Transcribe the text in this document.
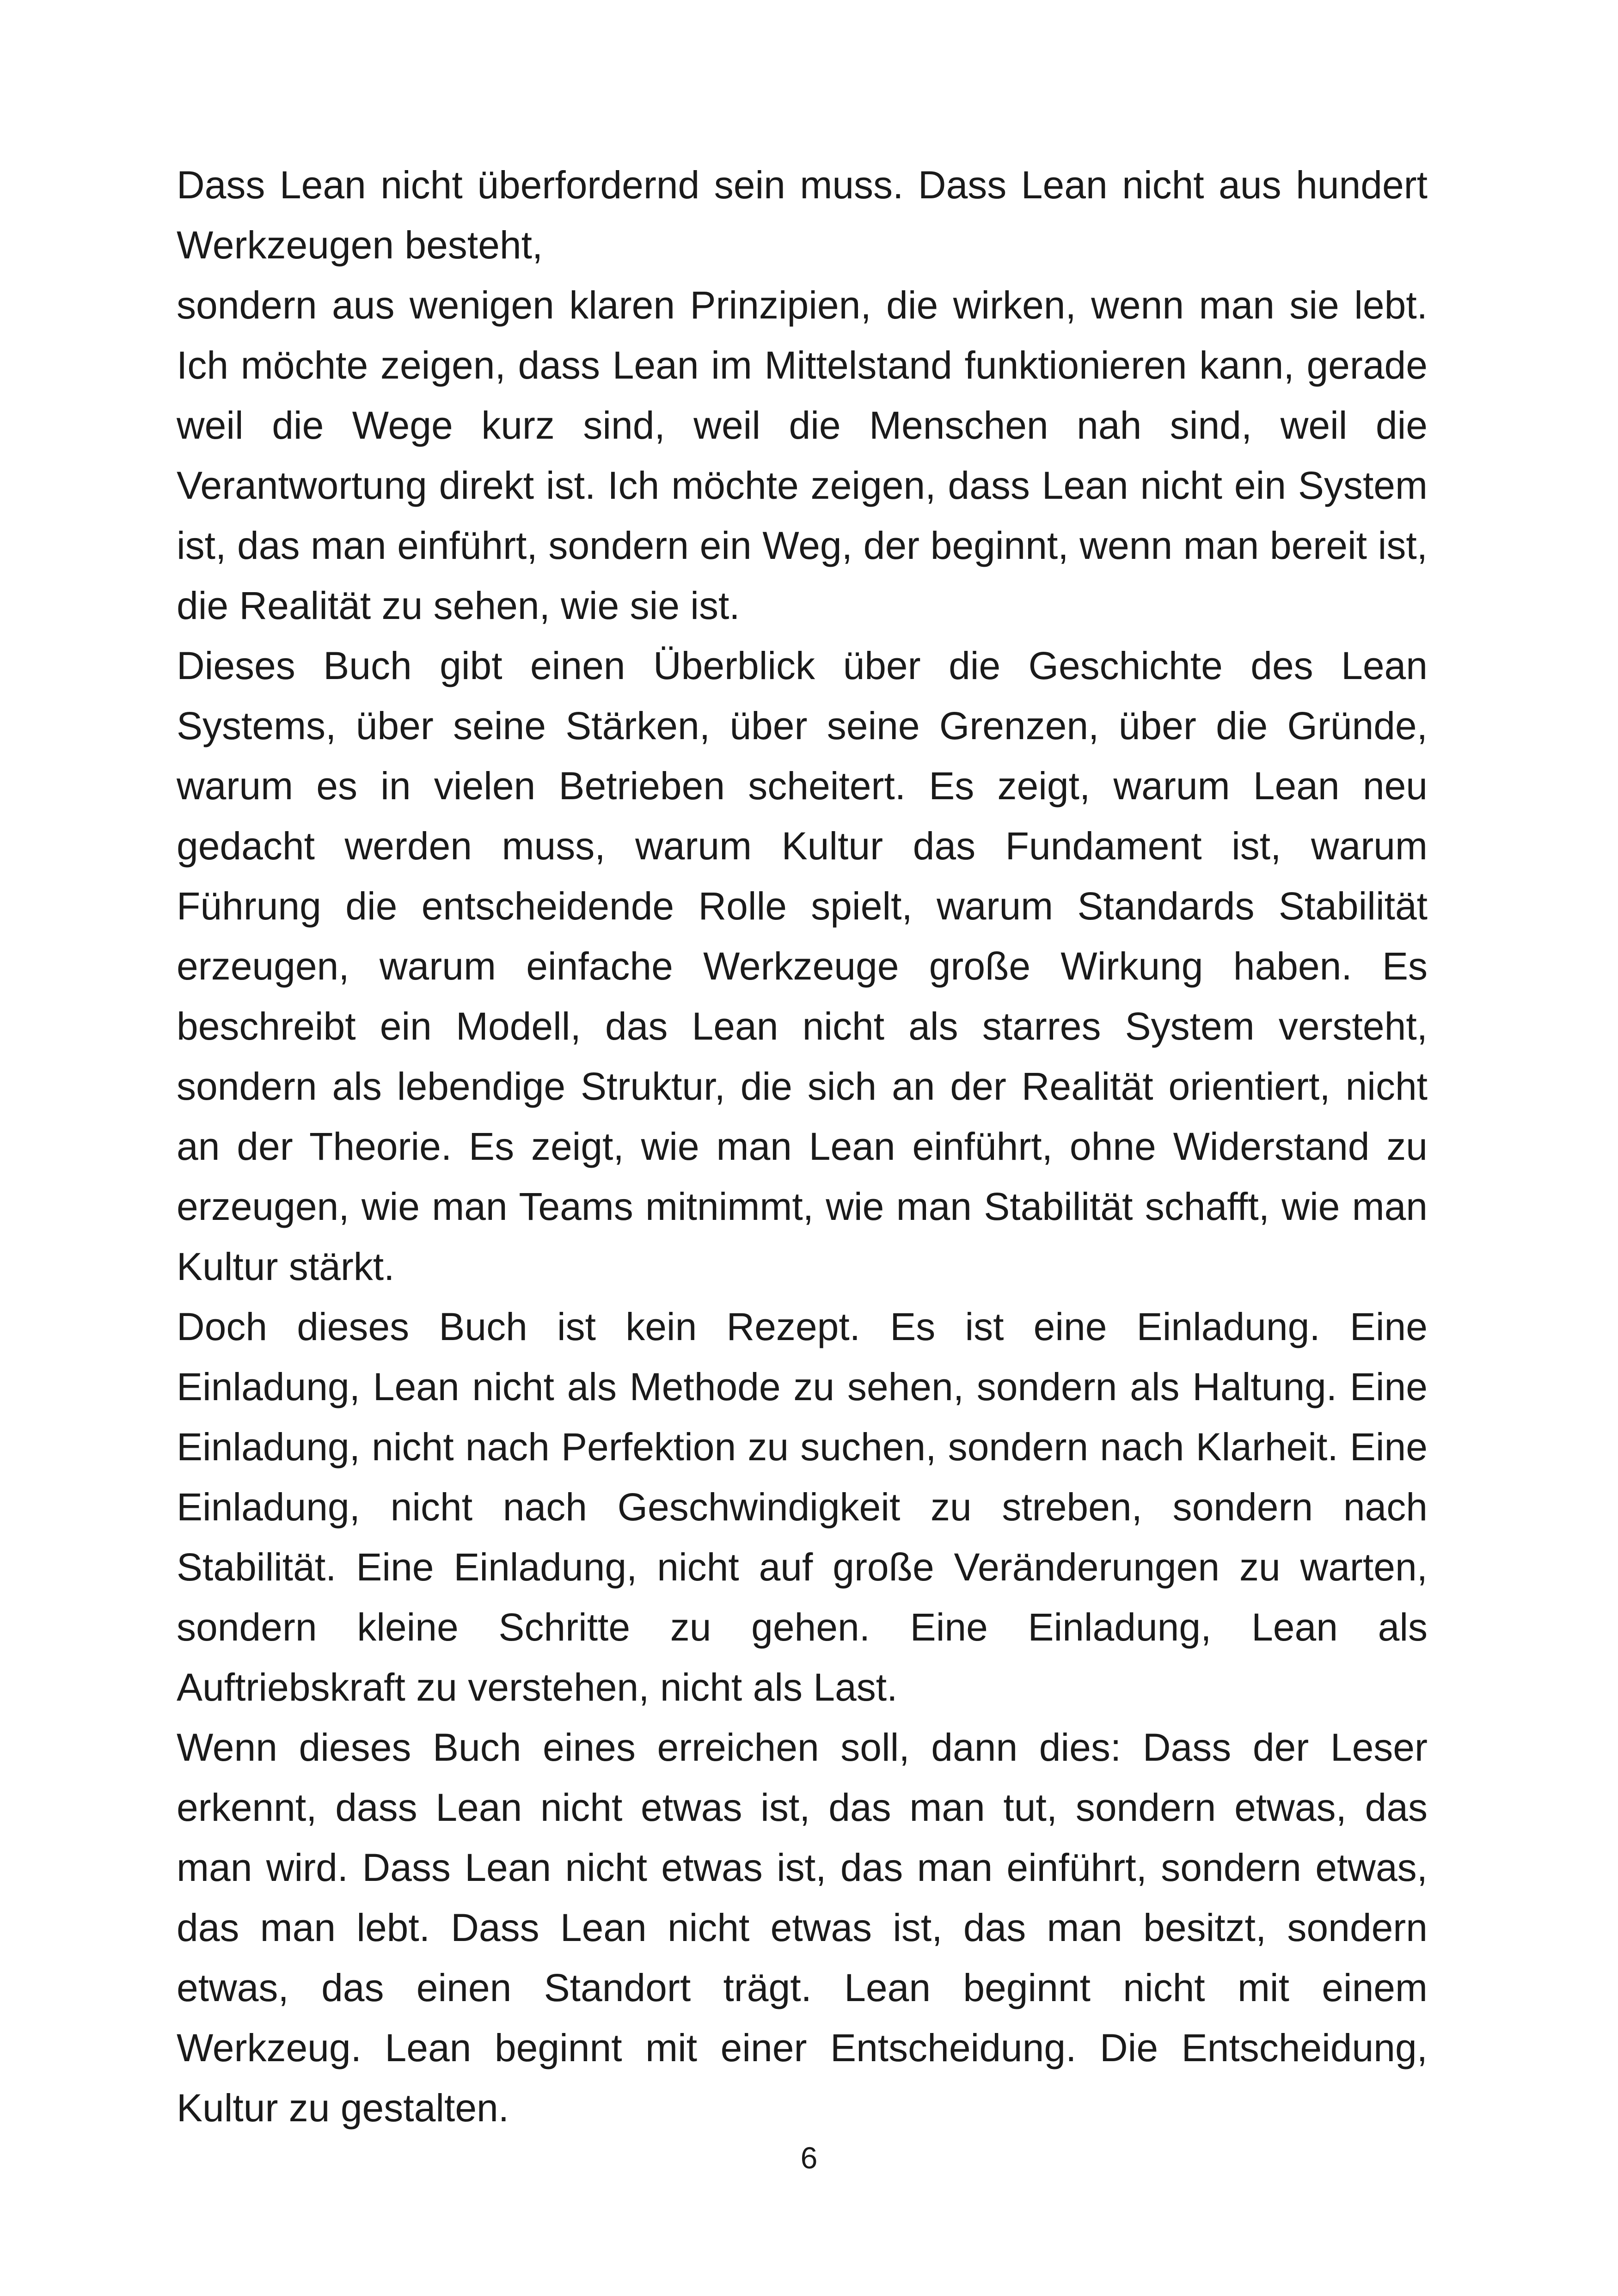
Dass Lean nicht überfordernd sein muss. Dass Lean nicht aus hundert Werkzeugen besteht,

sondern aus wenigen klaren Prinzipien, die wirken, wenn man sie lebt. Ich möchte zeigen, dass Lean im Mittelstand funktionieren kann, gerade weil die Wege kurz sind, weil die Menschen nah sind, weil die Verantwortung direkt ist. Ich möchte zeigen, dass Lean nicht ein System ist, das man einführt, sondern ein Weg, der beginnt, wenn man bereit ist, die Realität zu sehen, wie sie ist.

Dieses Buch gibt einen Überblick über die Geschichte des Lean Systems, über seine Stärken, über seine Grenzen, über die Gründe, warum es in vielen Betrieben scheitert. Es zeigt, warum Lean neu gedacht werden muss, warum Kultur das Fundament ist, warum Führung die entscheidende Rolle spielt, warum Standards Stabilität erzeugen, warum einfache Werkzeuge große Wirkung haben. Es beschreibt ein Modell, das Lean nicht als starres System versteht, sondern als lebendige Struktur, die sich an der Realität orientiert, nicht an der Theorie. Es zeigt, wie man Lean einführt, ohne Widerstand zu erzeugen, wie man Teams mitnimmt, wie man Stabilität schafft, wie man Kultur stärkt.

Doch dieses Buch ist kein Rezept. Es ist eine Einladung. Eine Einladung, Lean nicht als Methode zu sehen, sondern als Haltung. Eine Einladung, nicht nach Perfektion zu suchen, sondern nach Klarheit. Eine Einladung, nicht nach Geschwindigkeit zu streben, sondern nach Stabilität. Eine Einladung, nicht auf große Veränderungen zu warten, sondern kleine Schritte zu gehen. Eine Einladung, Lean als Auftriebskraft zu verstehen, nicht als Last.

Wenn dieses Buch eines erreichen soll, dann dies: Dass der Leser erkennt, dass Lean nicht etwas ist, das man tut, sondern etwas, das man wird. Dass Lean nicht etwas ist, das man einführt, sondern etwas, das man lebt. Dass Lean nicht etwas ist, das man besitzt, sondern etwas, das einen Standort trägt. Lean beginnt nicht mit einem Werkzeug. Lean beginnt mit einer Entscheidung. Die Entscheidung, Kultur zu gestalten.

6
